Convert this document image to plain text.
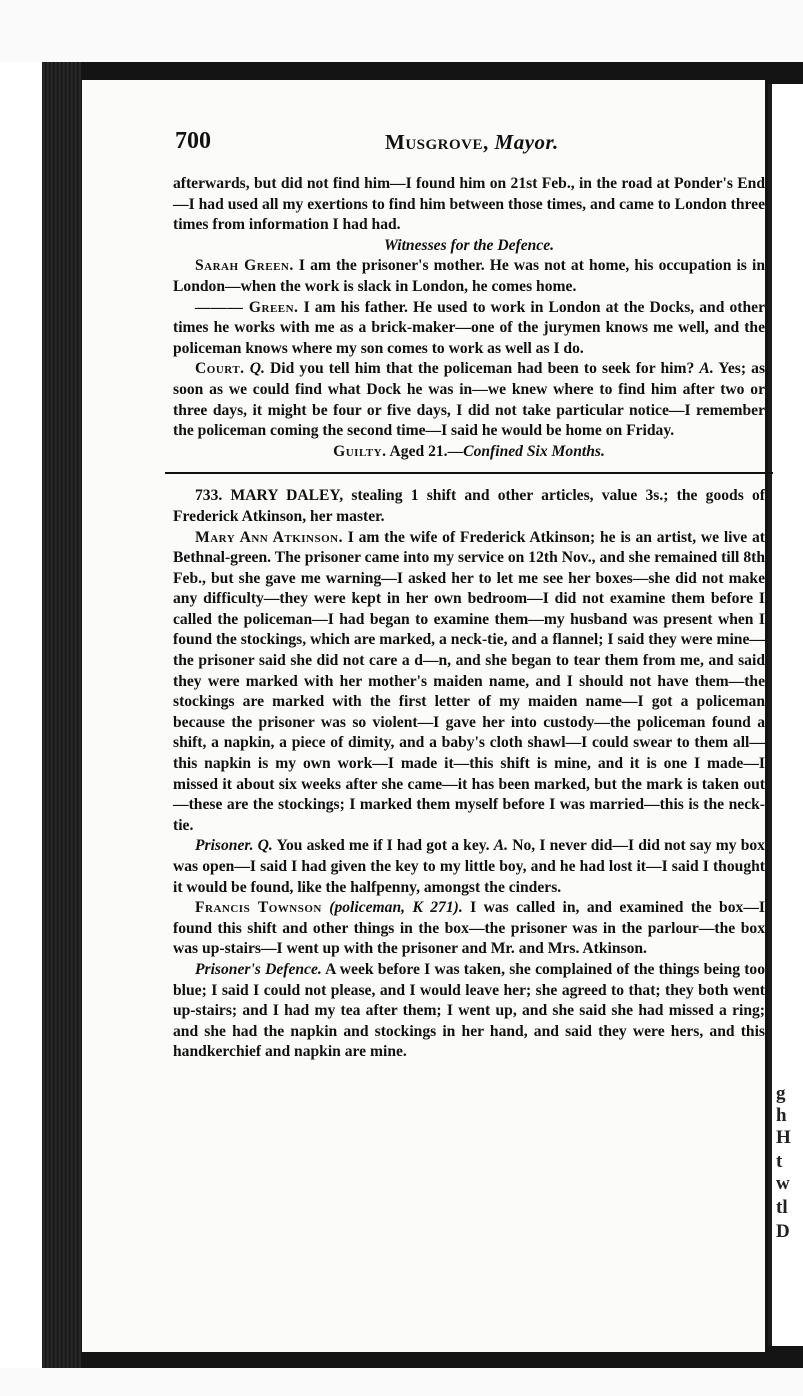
g
h
H
t
w
tl
D
700	Musgrove, Mayor.

afterwards, but did not find him—I found him on 21st Feb., in the road at Ponder's End—I had used all my exertions to find him between those times, and came to London three times from information I had had.

Witnesses for the Defence.

Sarah Green. I am the prisoner's mother. He was not at home, his occupation is in London—when the work is slack in London, he comes home.

——— Green. I am his father. He used to work in London at the Docks, and other times he works with me as a brick-maker—one of the jurymen knows me well, and the policeman knows where my son comes to work as well as I do.

Court. Q. Did you tell him that the policeman had been to seek for him? A. Yes; as soon as we could find what Dock he was in—we knew where to find him after two or three days, it might be four or five days, I did not take particular notice—I remember the policeman coming the second time—I said he would be home on Friday.

Guilty. Aged 21.—Confined Six Months.

733. MARY DALEY, stealing 1 shift and other articles, value 3s.; the goods of Frederick Atkinson, her master.

Mary Ann Atkinson. I am the wife of Frederick Atkinson; he is an artist, we live at Bethnal-green. The prisoner came into my service on 12th Nov., and she remained till 8th Feb., but she gave me warning—I asked her to let me see her boxes—she did not make any difficulty—they were kept in her own bedroom—I did not examine them before I called the policeman—I had began to examine them—my husband was present when I found the stockings, which are marked, a neck-tie, and a flannel; I said they were mine—the prisoner said she did not care a d—n, and she began to tear them from me, and said they were marked with her mother's maiden name, and I should not have them—the stockings are marked with the first letter of my maiden name—I got a policeman because the prisoner was so violent—I gave her into custody—the policeman found a shift, a napkin, a piece of dimity, and a baby's cloth shawl—I could swear to them all—this napkin is my own work—I made it—this shift is mine, and it is one I made—I missed it about six weeks after she came—it has been marked, but the mark is taken out—these are the stockings; I marked them myself before I was married—this is the neck-tie.

Prisoner. Q. You asked me if I had got a key. A. No, I never did—I did not say my box was open—I said I had given the key to my little boy, and he had lost it—I said I thought it would be found, like the halfpenny, amongst the cinders.

Francis Townson (policeman, K 271). I was called in, and examined the box—I found this shift and other things in the box—the prisoner was in the parlour—the box was up-stairs—I went up with the prisoner and Mr. and Mrs. Atkinson.

Prisoner's Defence. A week before I was taken, she complained of the things being too blue; I said I could not please, and I would leave her; she agreed to that; they both went up-stairs; and I had my tea after them; I went up, and she said she had missed a ring; and she had the napkin and stockings in her hand, and said they were hers, and this handkerchief and napkin are mine.
